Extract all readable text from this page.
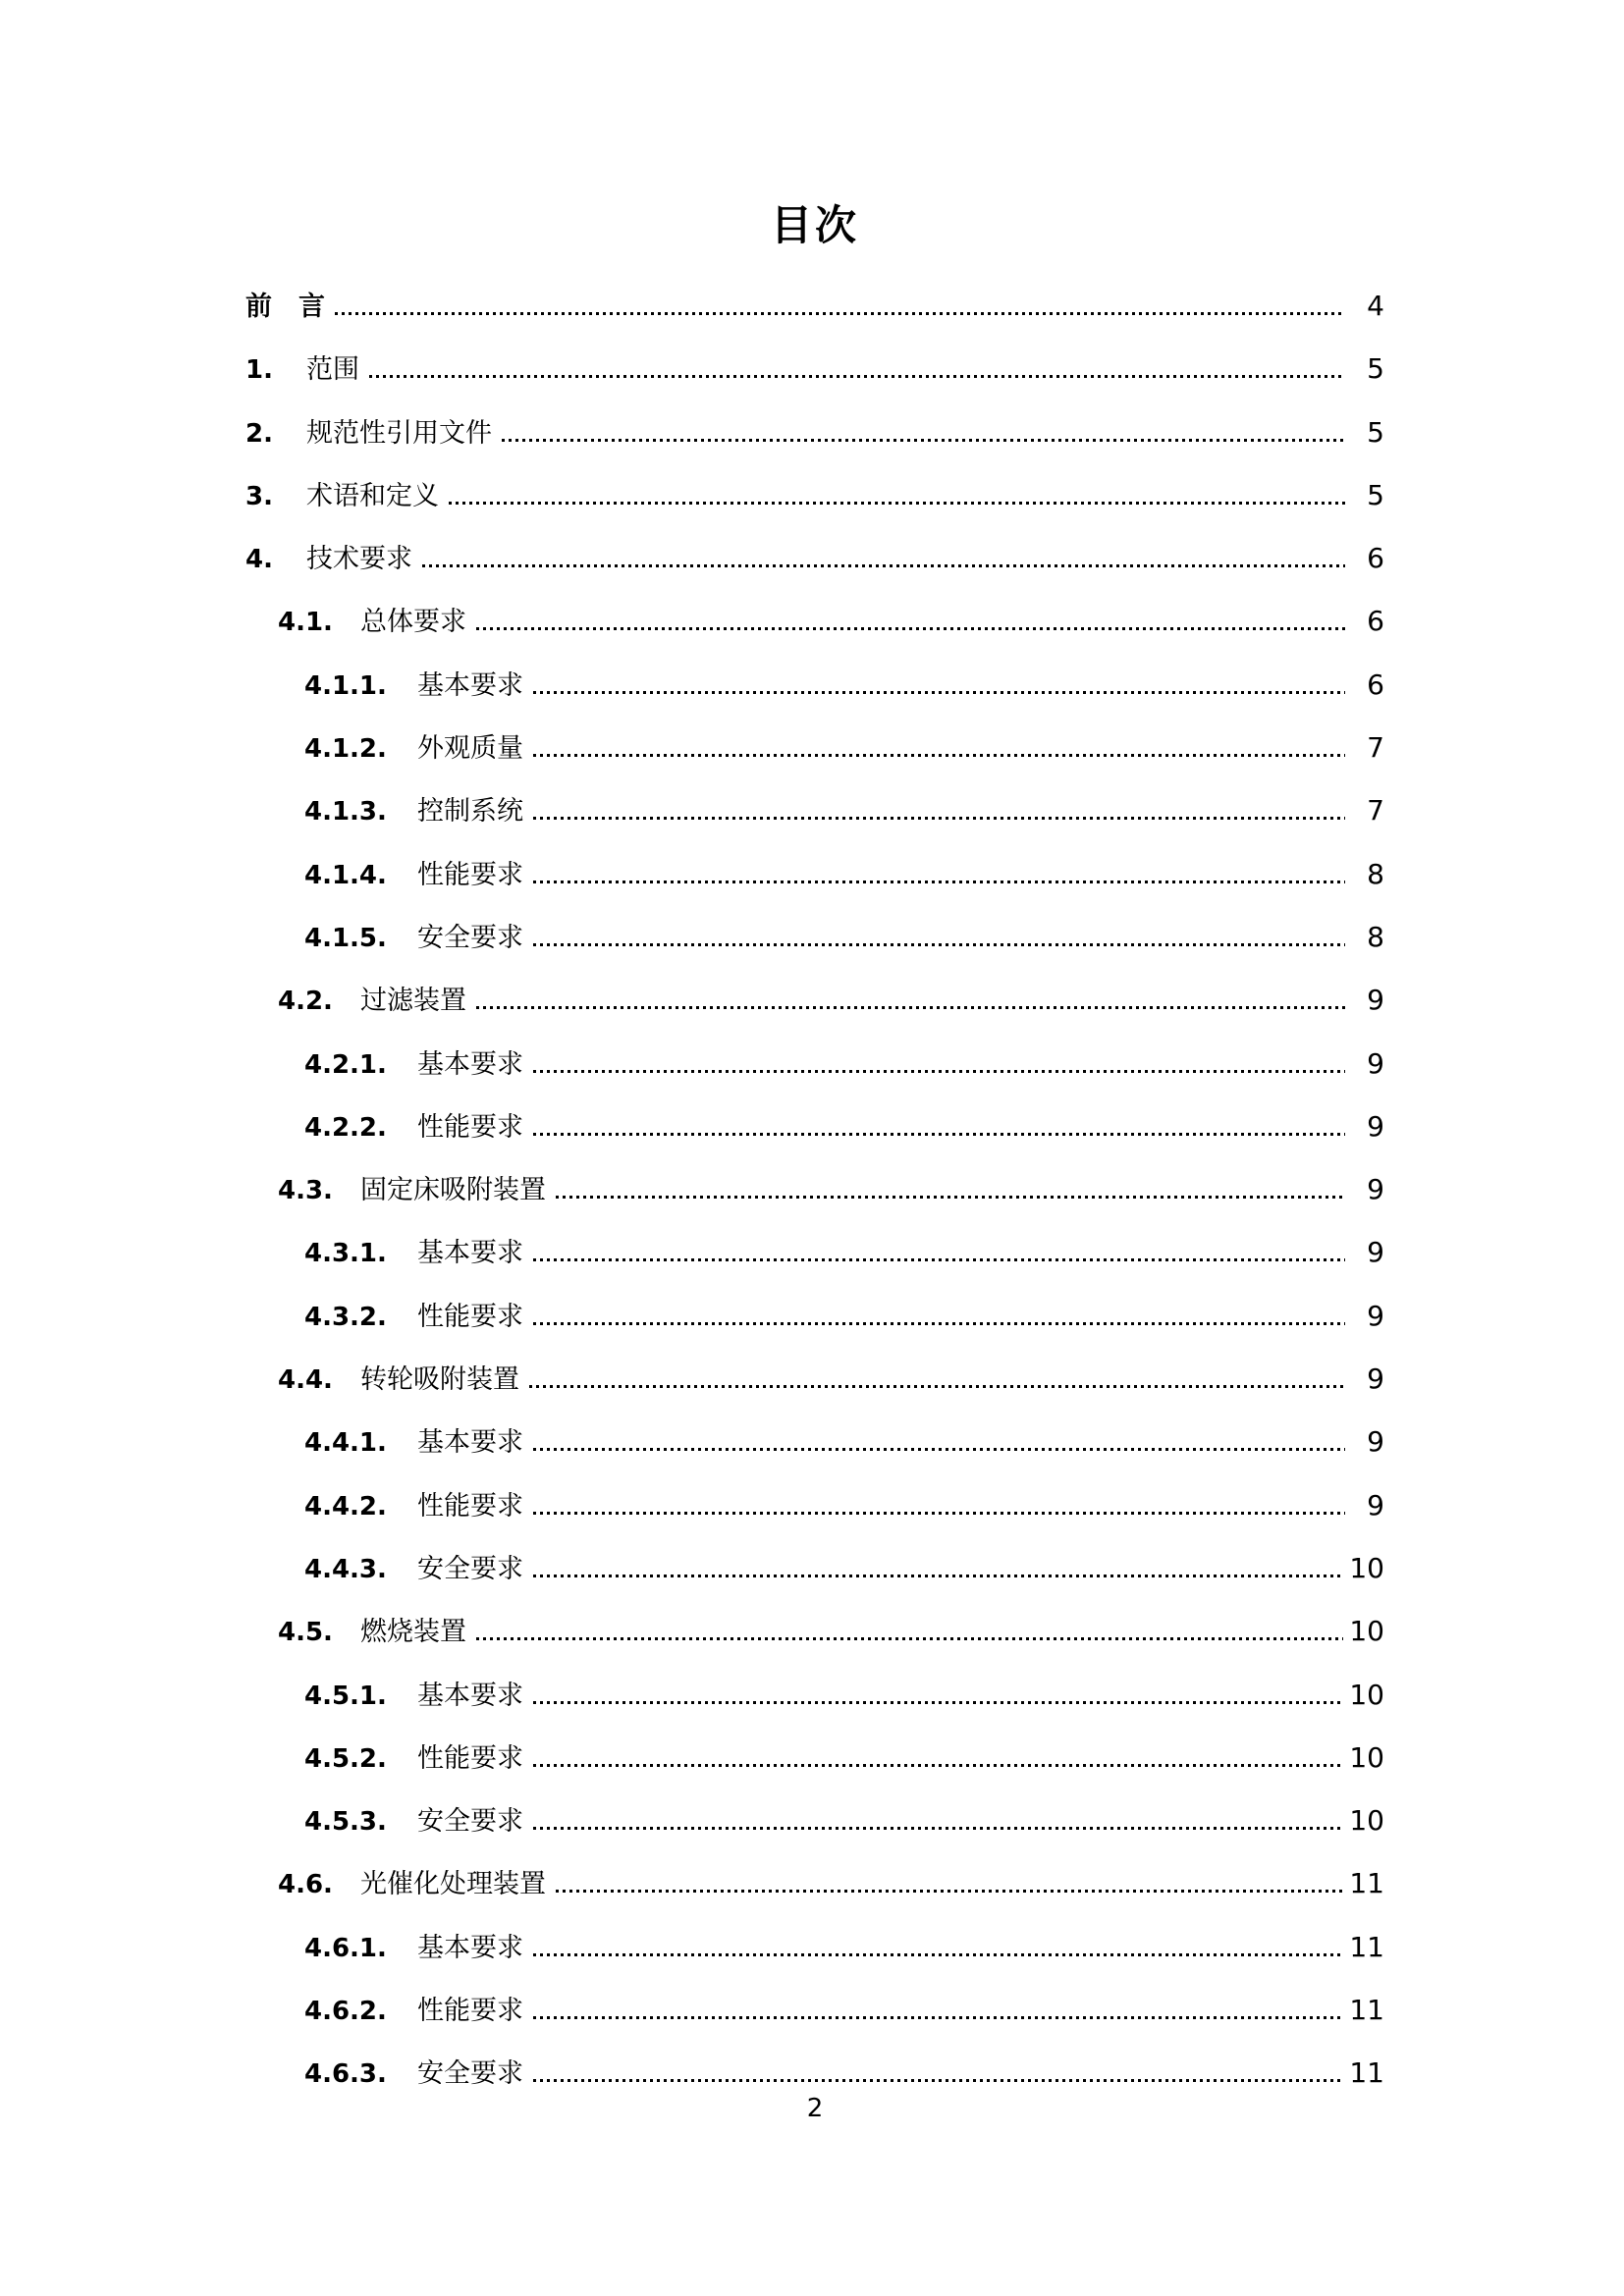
目次
前　言	4
1.	范围	5
2.	规范性引用文件	5
3.	术语和定义	5
4.	技术要求	6
4.1.	总体要求	6
4.1.1.	基本要求	6
4.1.2.	外观质量	7
4.1.3.	控制系统	7
4.1.4.	性能要求	8
4.1.5.	安全要求	8
4.2.	过滤装置	9
4.2.1.	基本要求	9
4.2.2.	性能要求	9
4.3.	固定床吸附装置	9
4.3.1.	基本要求	9
4.3.2.	性能要求	9
4.4.	转轮吸附装置	9
4.4.1.	基本要求	9
4.4.2.	性能要求	9
4.4.3.	安全要求	10
4.5.	燃烧装置	10
4.5.1.	基本要求	10
4.5.2.	性能要求	10
4.5.3.	安全要求	10
4.6.	光催化处理装置	11
4.6.1.	基本要求	11
4.6.2.	性能要求	11
4.6.3.	安全要求	11
2
